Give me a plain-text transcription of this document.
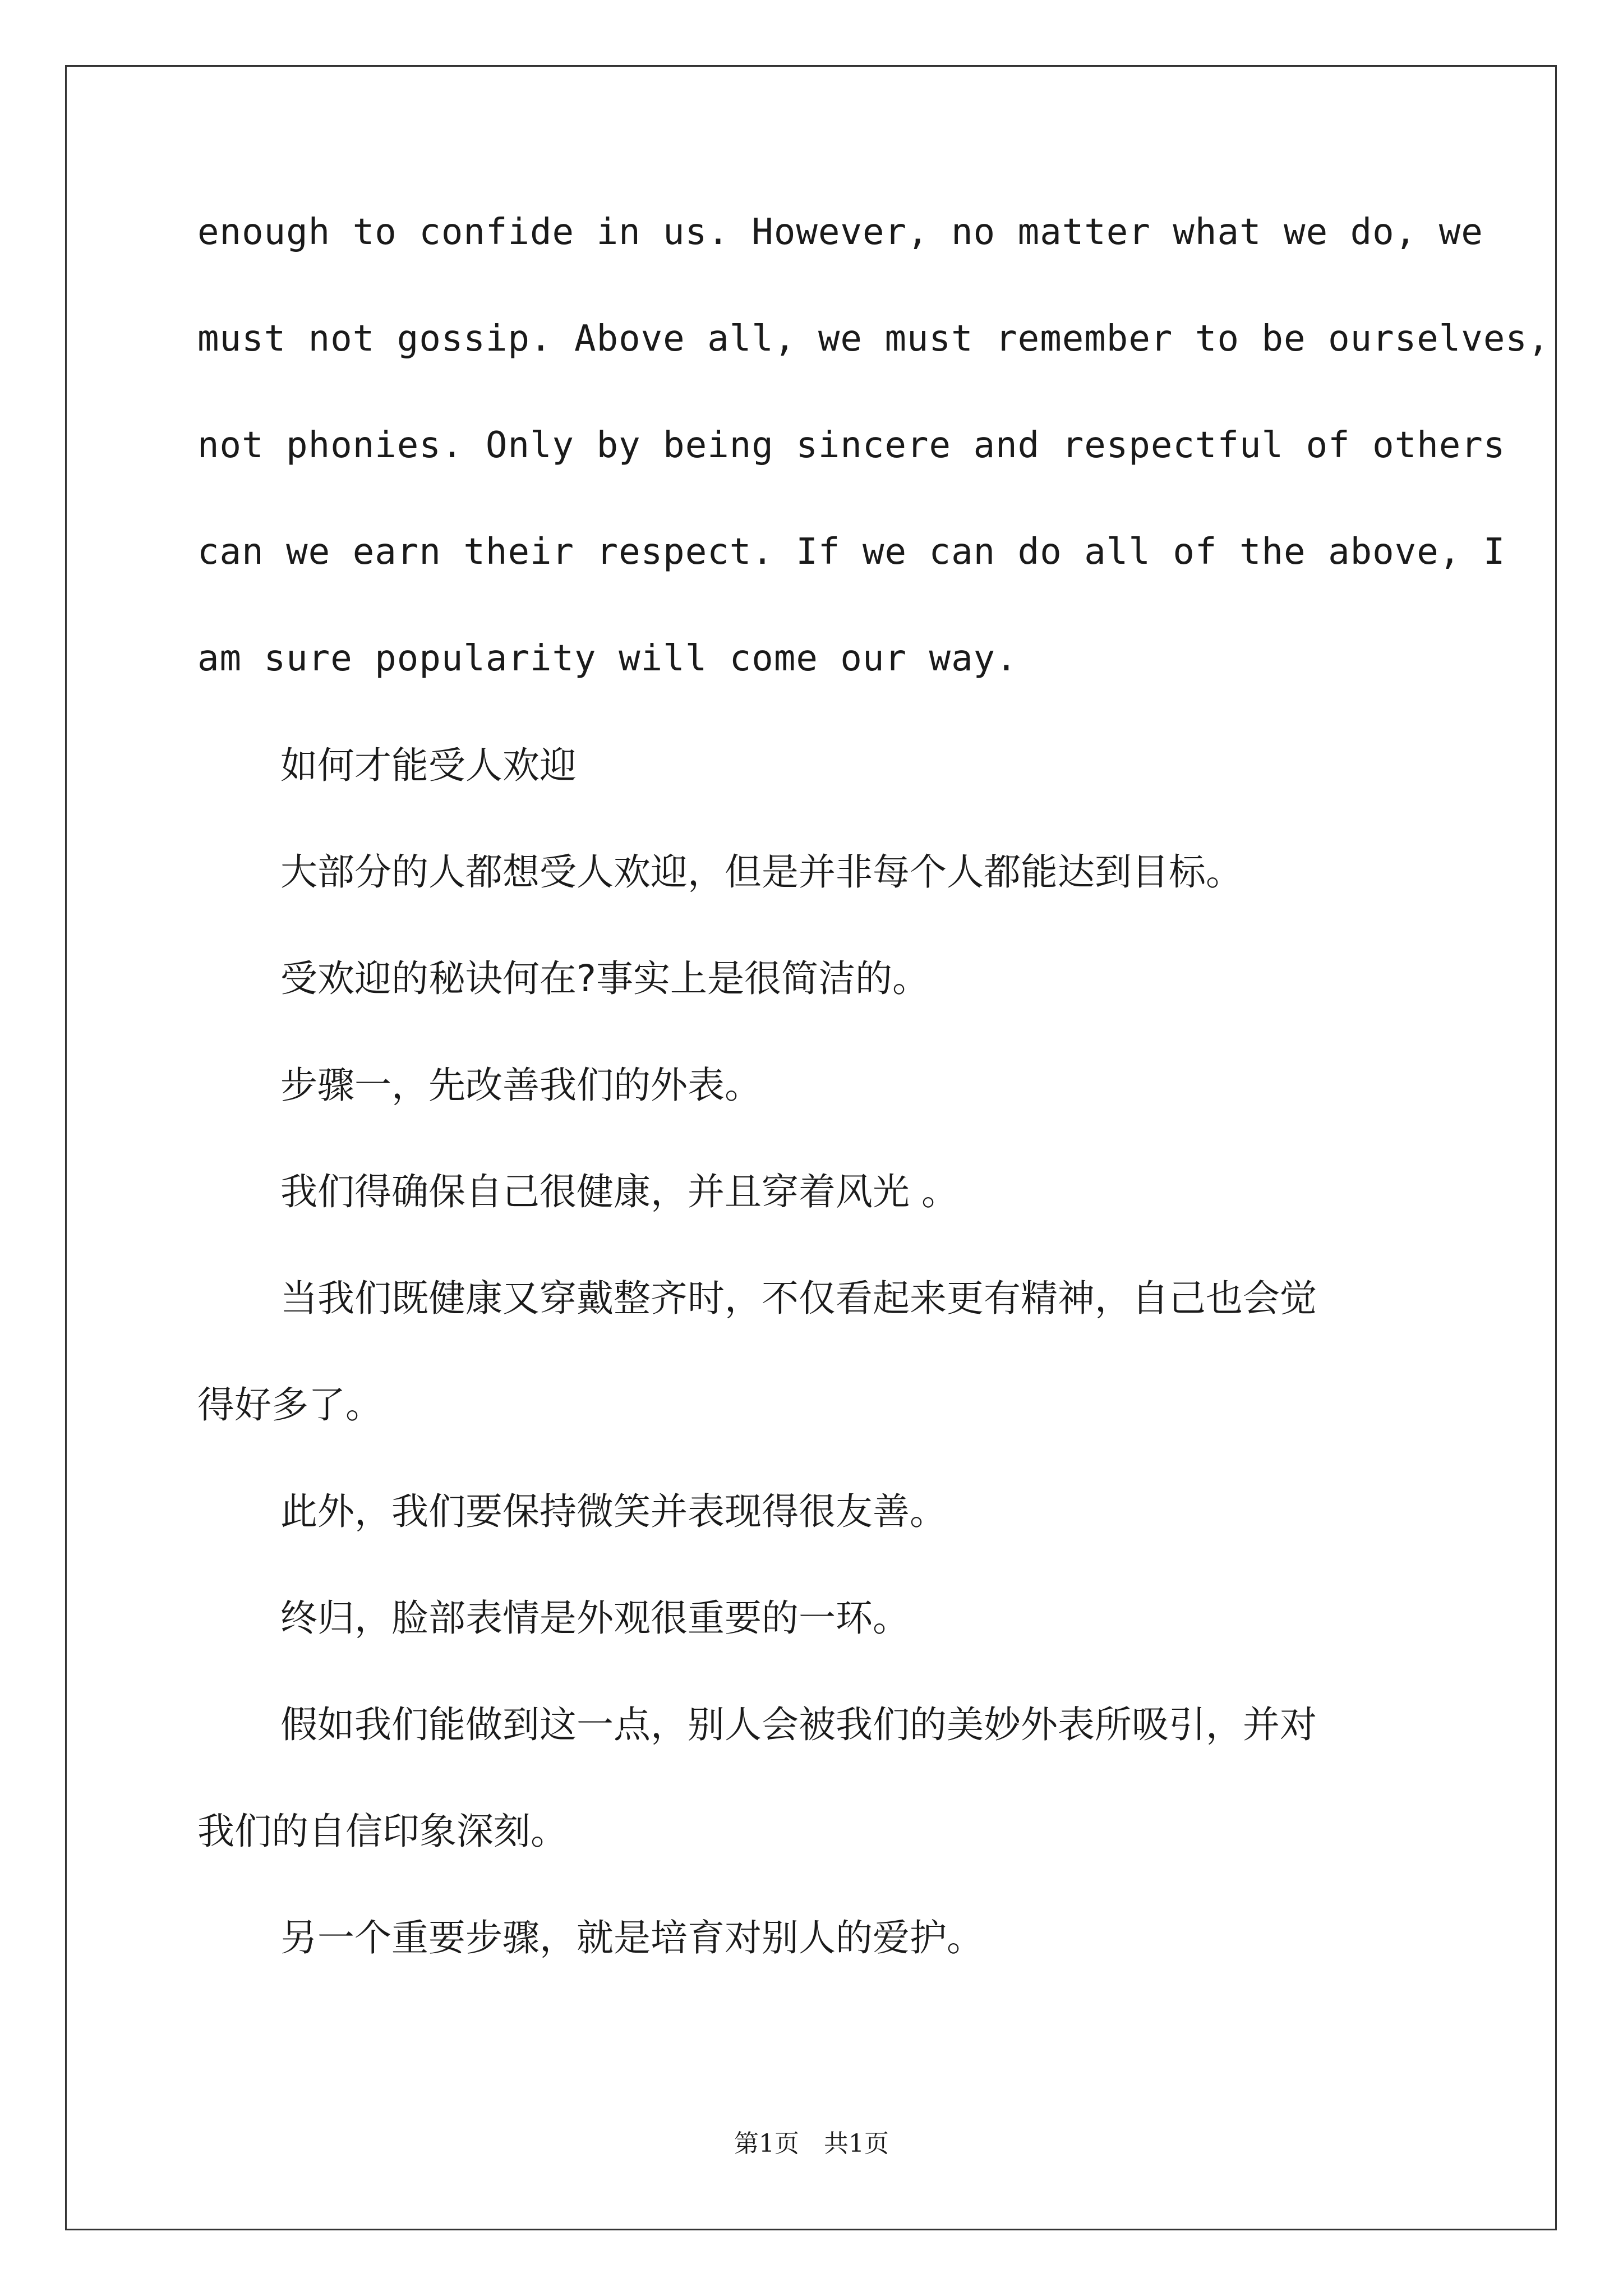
enough to confide in us. However, no matter what we do, we

must not gossip. Above all, we must remember to be ourselves,

not phonies. Only by being sincere and respectful of others

can we earn their respect. If we can do all of the above, I

am sure popularity will come our way.

如何才能受人欢迎

大部分的人都想受人欢迎，但是并非每个人都能达到目标。

受欢迎的秘诀何在?事实上是很简洁的。

步骤一，先改善我们的外表。

我们得确保自己很健康，并且穿着风光 。

当我们既健康又穿戴整齐时，不仅看起来更有精神，自己也会觉

得好多了。

此外，我们要保持微笑并表现得很友善。

终归，脸部表情是外观很重要的一环。

假如我们能做到这一点，别人会被我们的美妙外表所吸引，并对

我们的自信印象深刻。

另一个重要步骤，就是培育对别人的爱护。

第1页 共1页
